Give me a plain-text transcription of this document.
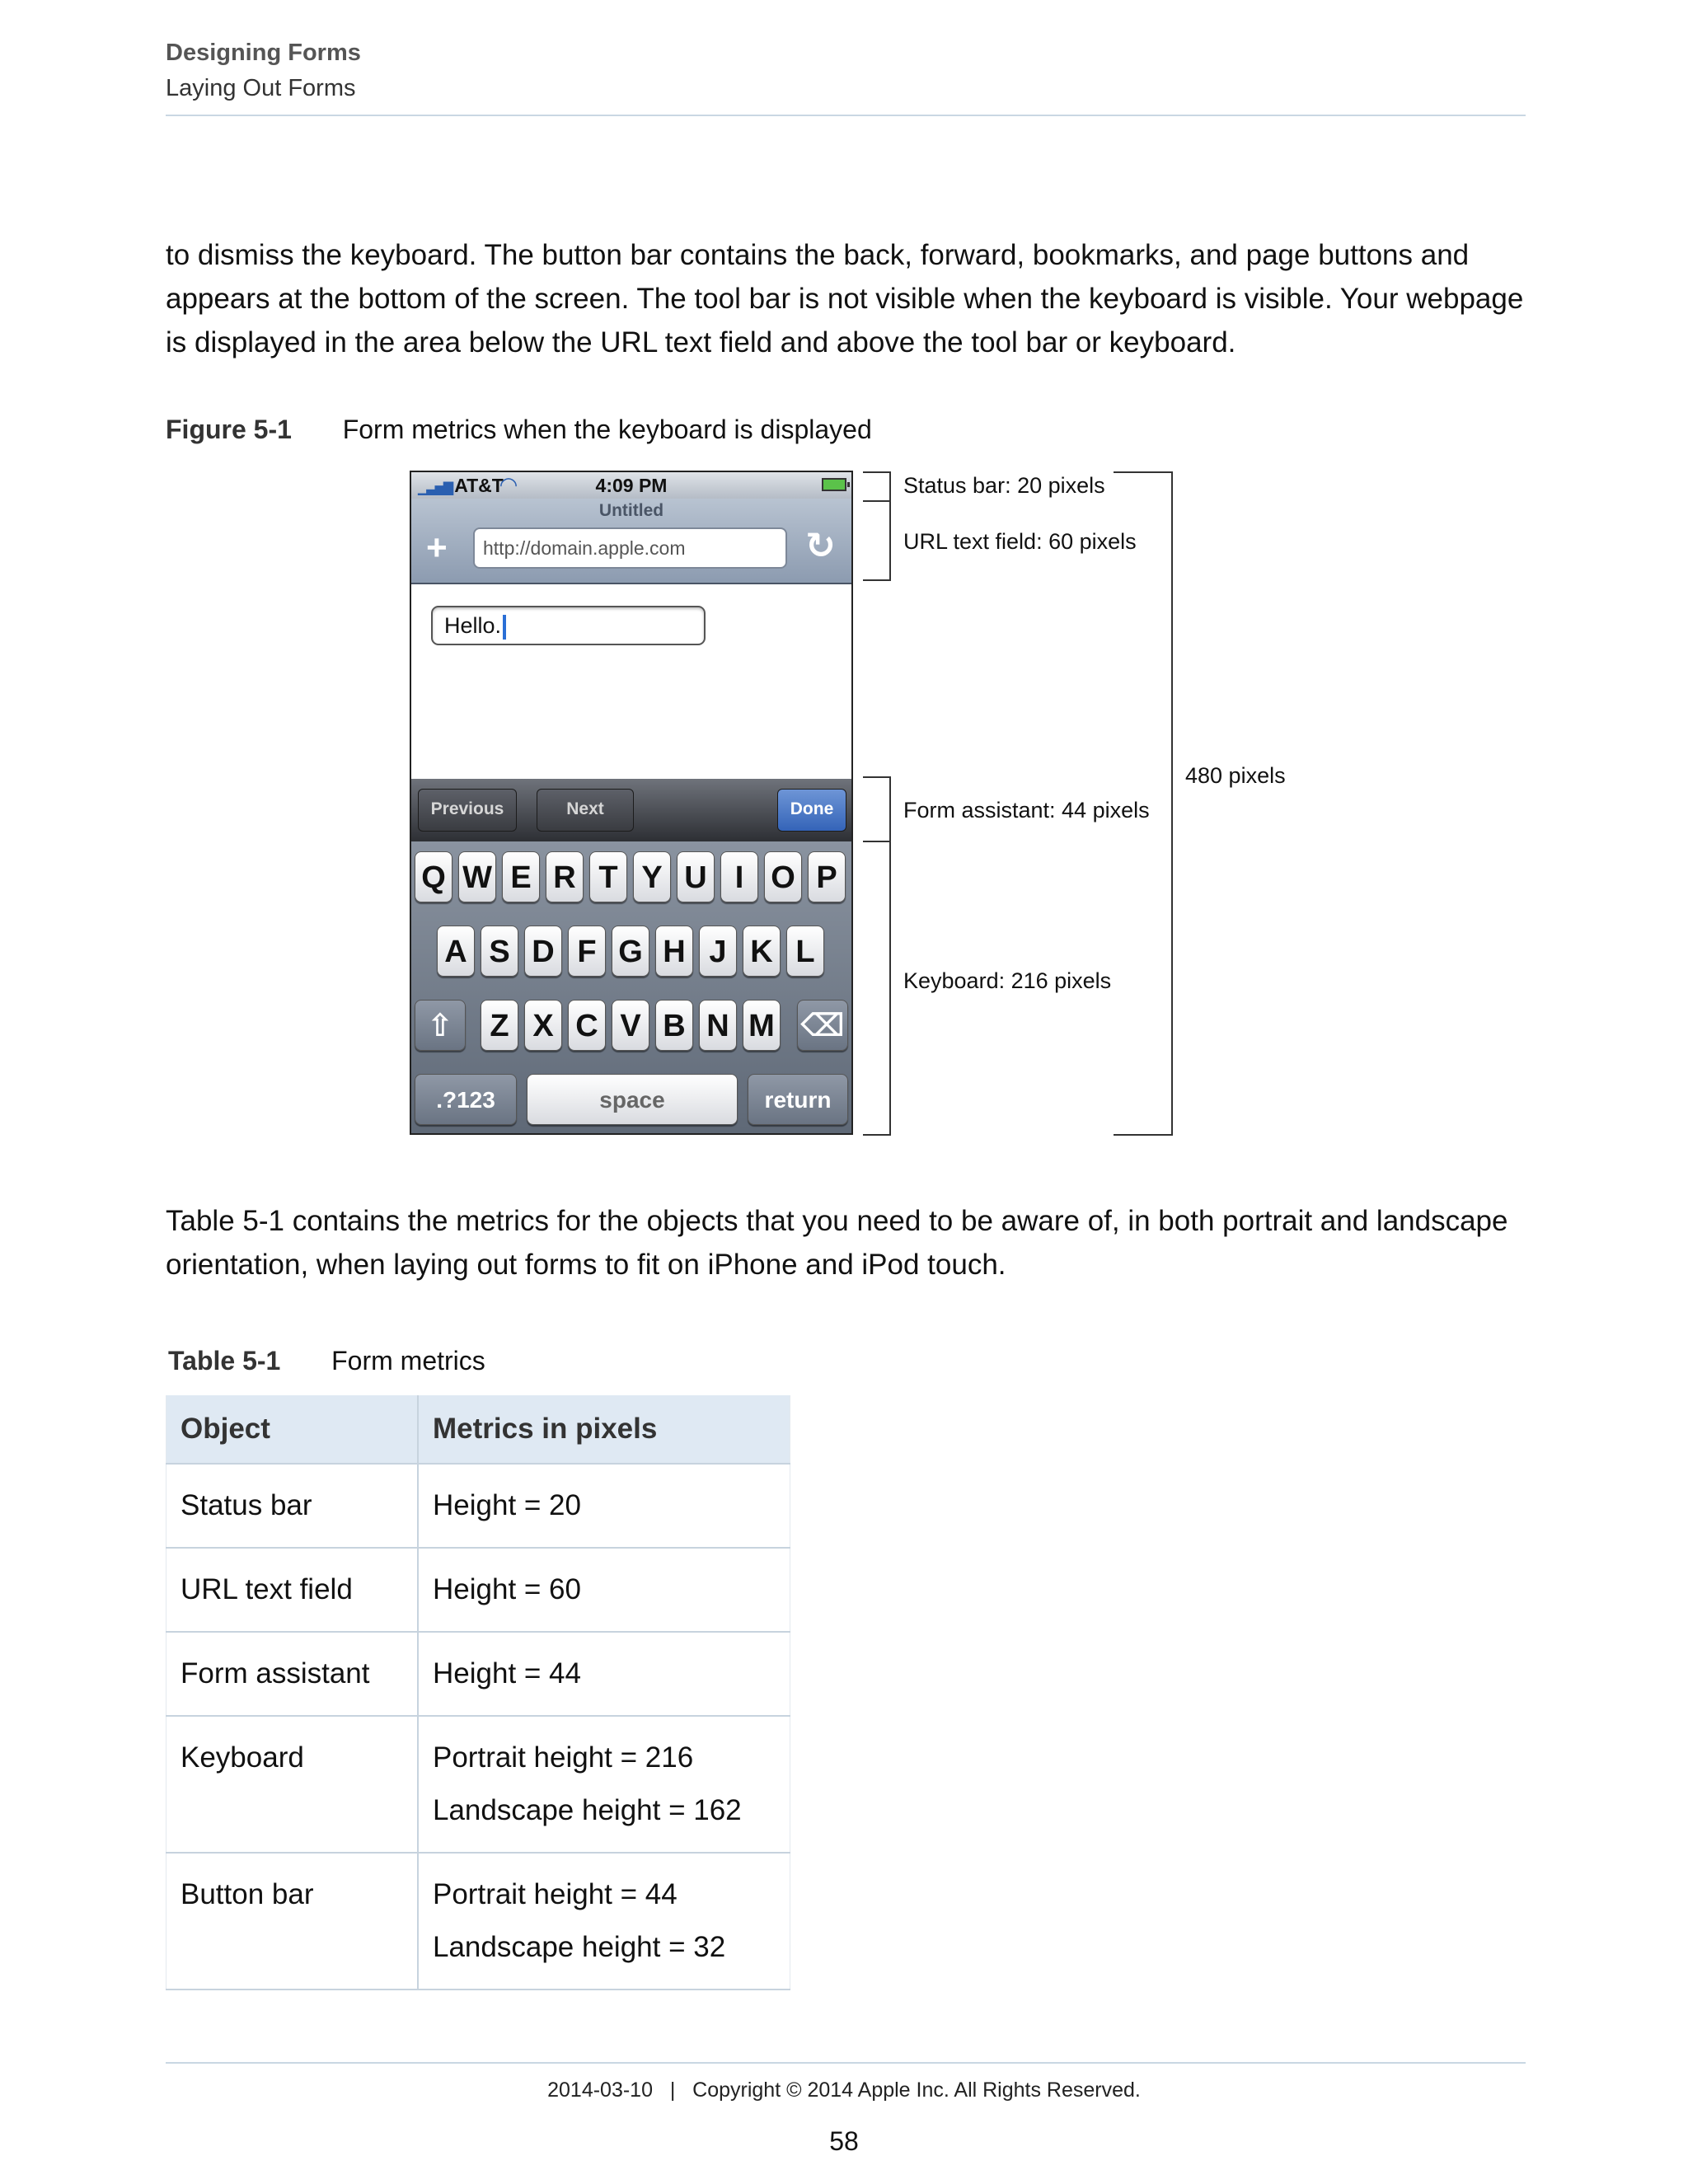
Designing Forms
Laying Out Forms
to dismiss the keyboard. The button bar contains the back, forward, bookmarks, and page buttons and appears at the bottom of the screen. The tool bar is not visible when the keyboard is visible. Your webpage is displayed in the area below the URL text field and above the tool bar or keyboard.
Figure 5-1 Form metrics when the keyboard is displayed
▁▃▅▇ AT&T
◠	4:09 PM
Untitled
+	http://domain.apple.com	↻
Hello.
Previous	Next	Done
Q W E R T Y U I O P
A S D F G H J K L
⇧	Z X C V B N M ⌫
.?123	space	return
Status bar: 20 pixels
URL text field: 60 pixels
Form assistant: 44 pixels
Keyboard: 216 pixels
480 pixels
Table 5-1 contains the metrics for the objects that you need to be aware of, in both portrait and landscape orientation, when laying out forms to fit on iPhone and iPod touch.
Table 5-1 Form metrics
Object	Metrics in pixels
Status bar	Height = 20

URL text field	Height = 60

Form assistant	Height = 44

Keyboard	Portrait height = 216
Landscape height = 162

Button bar	Portrait height = 44
Landscape height = 32
2014-03-10   |   Copyright © 2014 Apple Inc. All Rights Reserved.
58
